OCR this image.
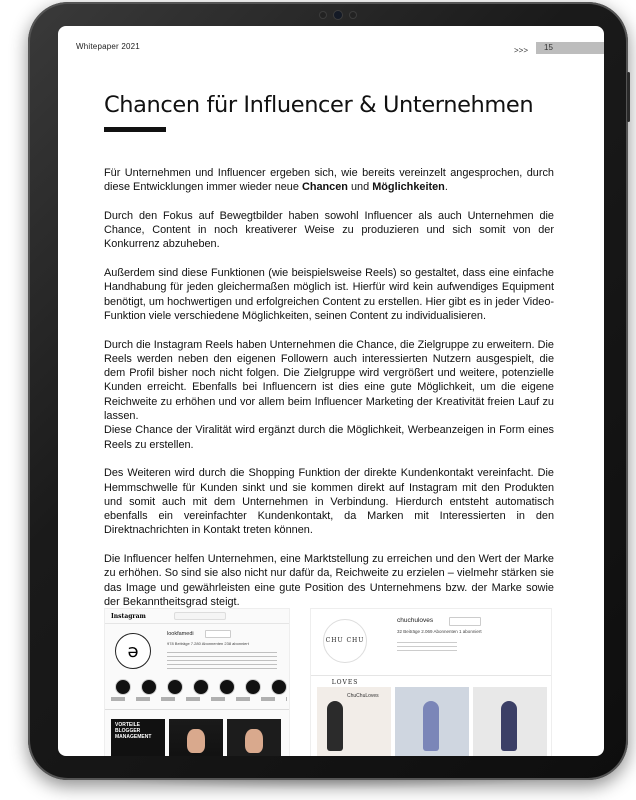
Whitepaper 2021	>>>	15
Chancen für Influencer & Unternehmen

Für Unternehmen und Influencer ergeben sich, wie bereits vereinzelt angesprochen, durch diese Entwicklungen immer wieder neue Chancen und Möglichkeiten.

Durch den Fokus auf Bewegtbilder haben sowohl Influencer als auch Unternehmen die Chance, Content in noch kreativerer Weise zu produzieren und sich somit von der Konkurrenz abzuheben.

Außerdem sind diese Funktionen (wie beispielsweise Reels) so gestaltet, dass eine einfache Handhabung für jeden gleichermaßen möglich ist. Hierfür wird kein aufwendiges Equipment benötigt, um hochwertigen und erfolgreichen Content zu erstellen. Hier gibt es in jeder Video-Funktion viele verschiedene Möglichkeiten, seinen Content zu individualisieren.

Durch die Instagram Reels haben Unternehmen die Chance, die Zielgruppe zu erweitern. Die Reels werden neben den eigenen Followern auch interessierten Nutzern ausgespielt, die dem Profil bisher noch nicht folgen. Die Zielgruppe wird vergrößert und weitere, potenzielle Kunden erreicht. Ebenfalls bei Influencern ist dies eine gute Möglichkeit, um die eigene Reichweite zu erhöhen und vor allem beim Influencer Marketing der Kreativität freien Lauf zu lassen.

Diese Chance der Viralität wird ergänzt durch die Möglichkeit, Werbeanzeigen in Form eines Reels zu erstellen.

Des Weiteren wird durch die Shopping Funktion der direkte Kundenkontakt vereinfacht. Die Hemmschwelle für Kunden sinkt und sie kommen direkt auf Instagram mit den Produkten und somit auch mit dem Unternehmen in Verbindung. Hierdurch entsteht automatisch ebenfalls ein vereinfachter Kundenkontakt, da Marken mit Interessierten in den Direktnachrichten in Kontakt treten können.

Die Influencer helfen Unternehmen, eine Marktstellung zu erreichen und den Wert der Marke zu erhöhen. So sind sie also nicht nur dafür da, Reichweite zu erzielen – vielmehr stärken sie das Image und gewährleisten eine gute Position des Unternehmens bzw. der Marke sowie der Bekanntheitsgrad steigt.

Instagram
ə
lookfamedi
978 Beiträge 7.280 Abonnenten 238 abonniert
VORTEILE BLOGGER MANAGEMENT
CHU CHU LOVES
chuchuloves
32 Beiträge 2.069 Abonnenten 1 abonniert
ChuChuLoves
